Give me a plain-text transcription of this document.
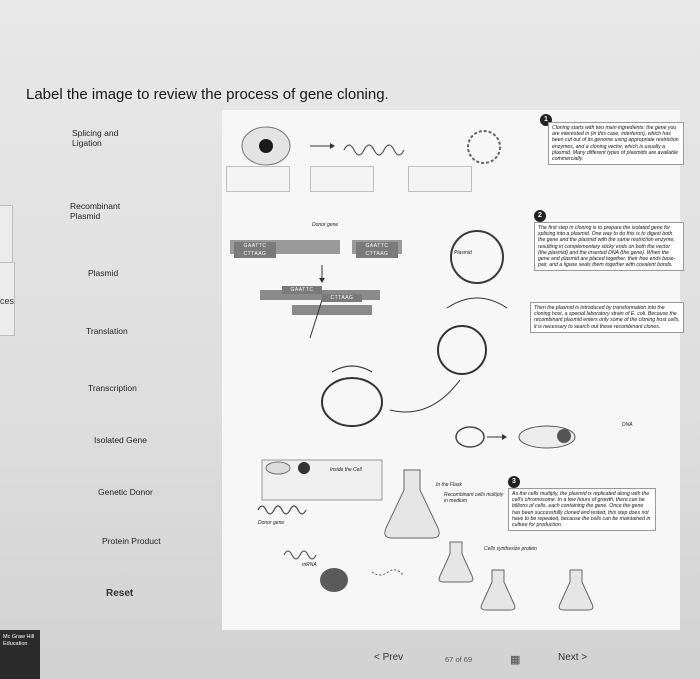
Label the image to review the process of gene cloning.
ces
Splicing and Ligation
Recombinant Plasmid
Plasmid
Translation
Transcription
Isolated Gene
Genetic Donor
Protein Product
Reset
1
Cloning starts with two main ingredients: the gene you are interested in (in this case, interferon), which has been cut out of its genome using appropriate restriction enzymes, and a cloning vector, which is usually a plasmid. Many different types of plasmids are available commercially.
2
The first step in cloning is to prepare the isolated gene for splicing into a plasmid. One way to do this is to digest both the gene and the plasmid with the same restriction enzyme, resulting in complementary sticky ends on both the vector (the plasmid) and the inserted DNA (the gene). When the gene and plasmid are placed together, their free ends base-pair, and a ligase seals them together with covalent bonds.
Then the plasmid is introduced by transformation into the cloning host, a special laboratory strain of E. coli. Because the recombinant plasmid enters only some of the cloning host cells, it is necessary to search out these recombinant clones.
3
As the cells multiply, the plasmid is replicated along with the cell's chromosome. In a few hours of growth, there can be billions of cells, each containing the gene. Once the gene has been successfully cloned and tested, this step does not have to be repeated, because the cells can be maintained in culture for production.
Donor gene
Plasmid
Inside the Cell
In the Flask
Donor gene
mRNA
DNA
Recombinant cells multiply in medium
Cells synthesize protein
GAATTC
CTTAAG
GAATTC
CTTAAG
GAATTC
CTTAAG
Mc Graw Hill Education
< Prev	67 of 69	▦	Next >
